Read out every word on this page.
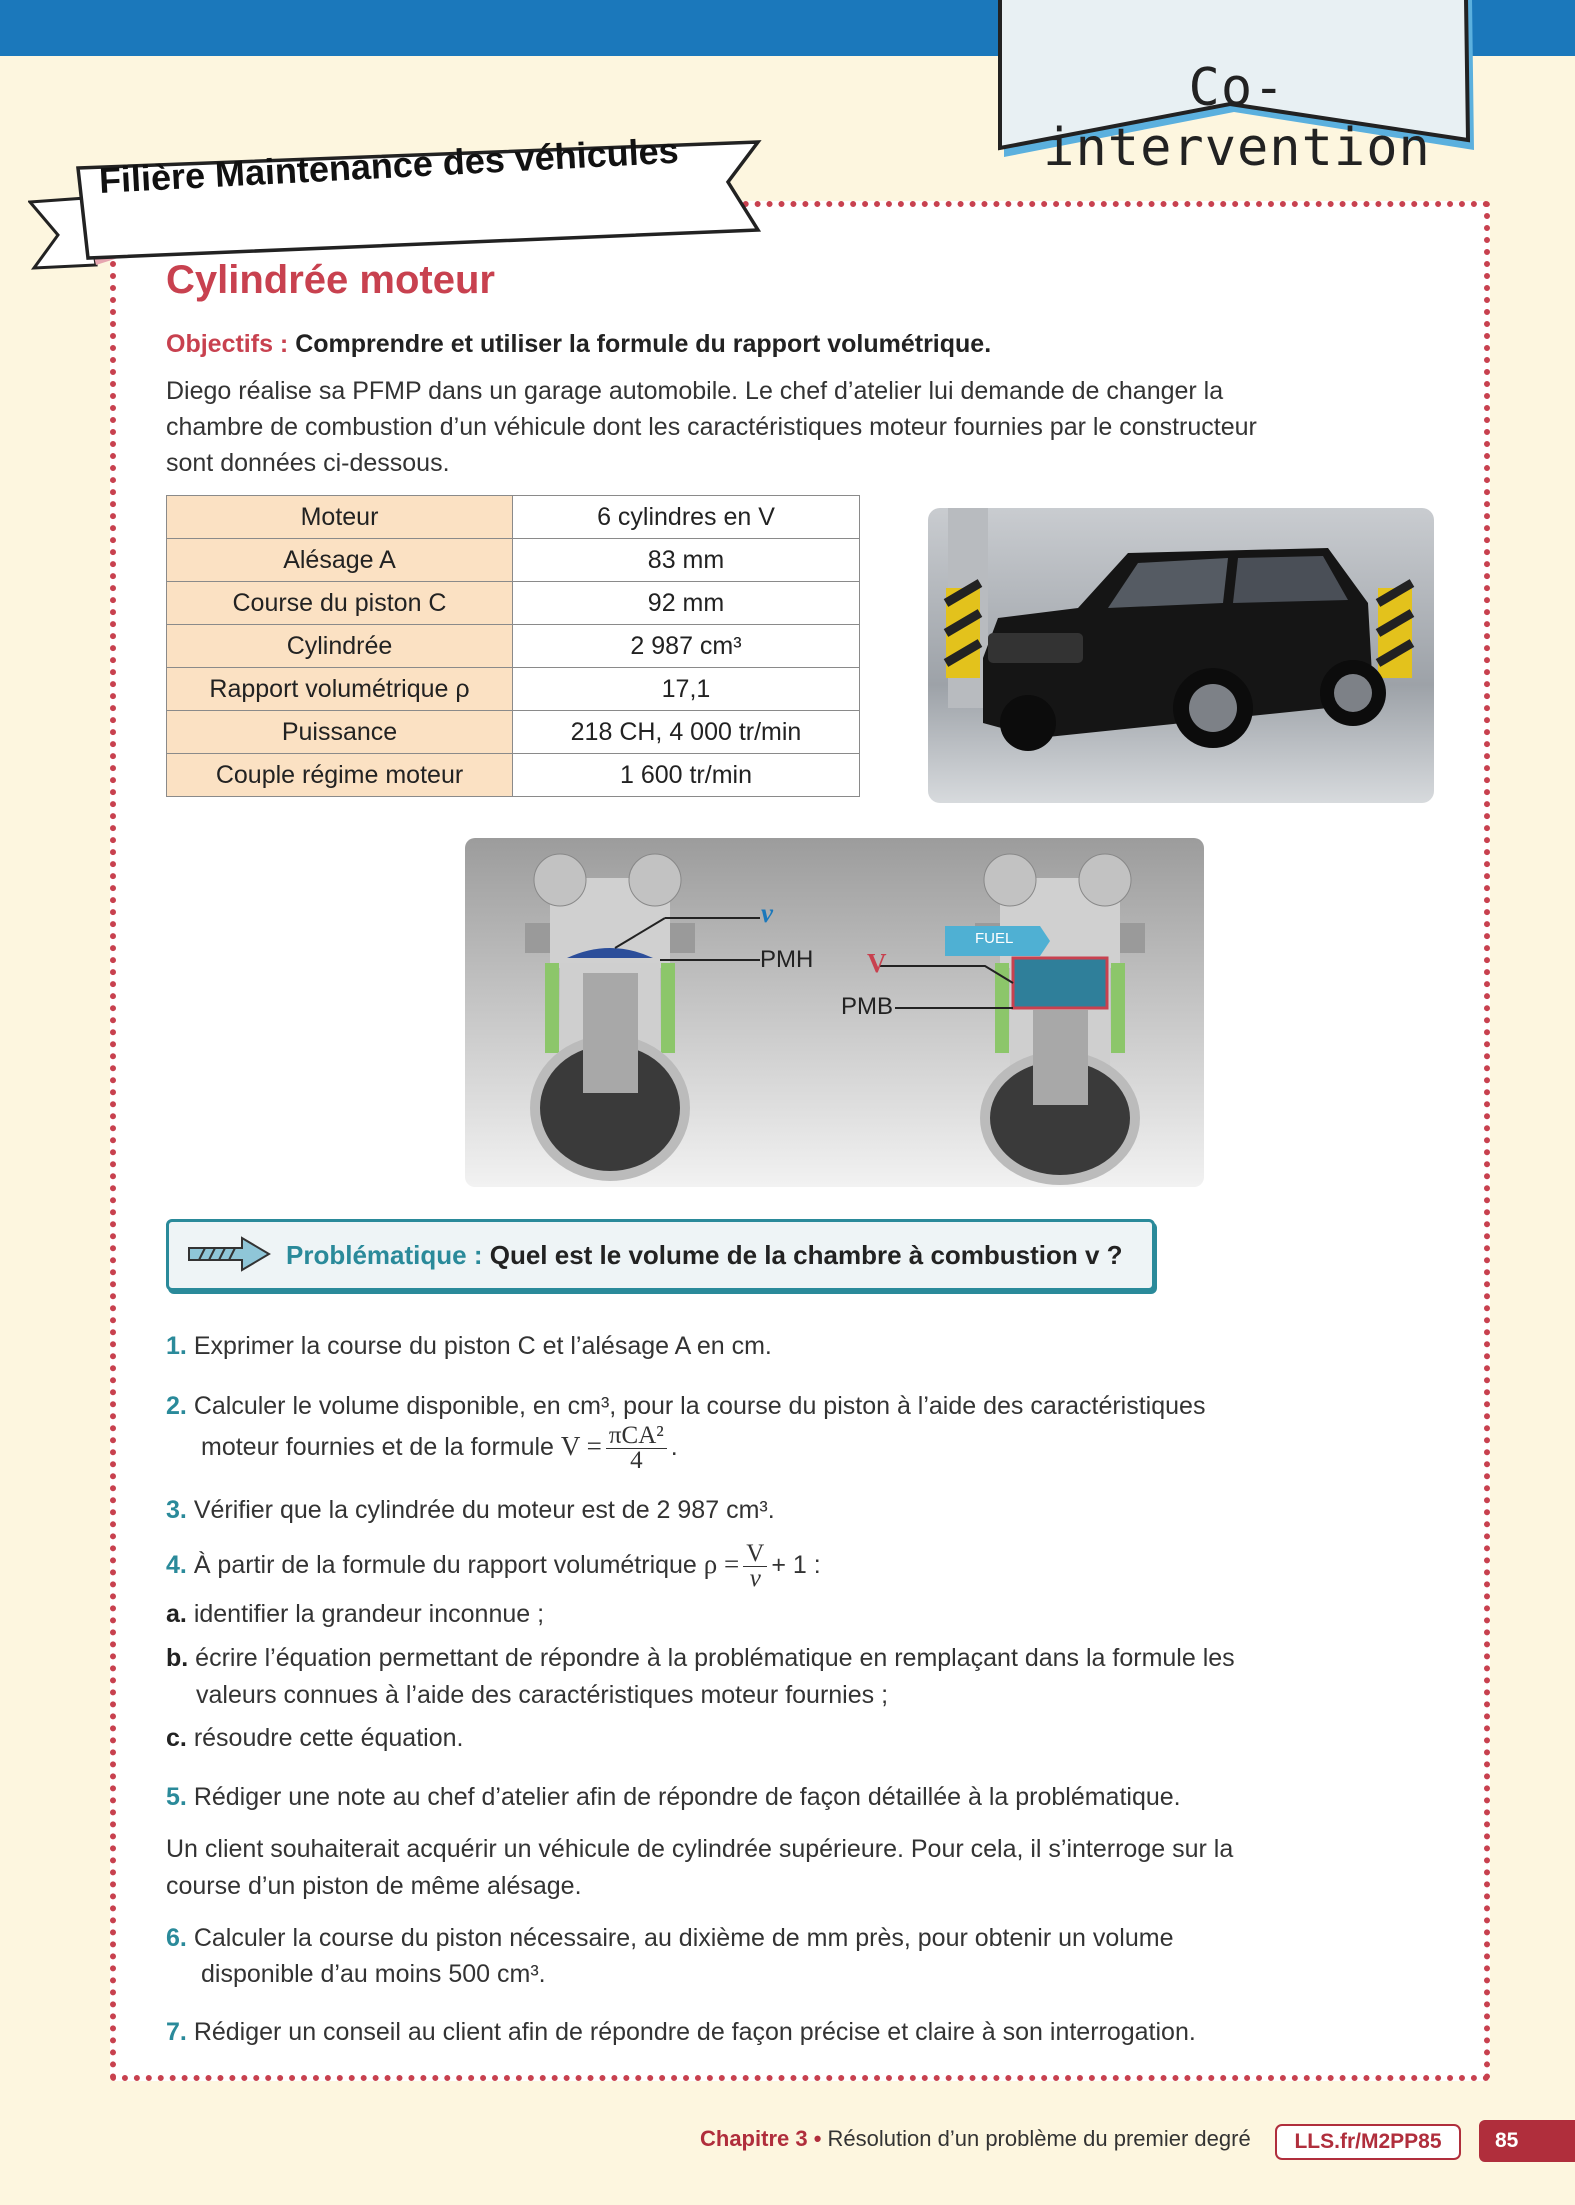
Co-intervention
Filière Maintenance des véhicules
Cylindrée moteur
Objectifs : Comprendre et utiliser la formule du rapport volumétrique.
Diego réalise sa PFMP dans un garage automobile. Le chef d’atelier lui demande de changer la
chambre de combustion d’un véhicule dont les caractéristiques moteur fournies par le constructeur
sont données ci-dessous.
Moteur	6 cylindres en V
Alésage A	83 mm
Course du piston C	92 mm
Cylindrée	2 987 cm³
Rapport volumétrique ρ	17,1
Puissance	218 CH, 4 000 tr/min
Couple régime moteur	1 600 tr/min
v
PMH V
PMB
FUEL
Problématique : Quel est le volume de la chambre à combustion v ?
1. Exprimer la course du piston C et l’alésage A en cm.
2. Calculer le volume disponible, en cm³, pour la course du piston à l’aide des caractéristiques
moteur fournies et de la formule $V = \frac{\text{πCA²}}{4}$ .
3. Vérifier que la cylindrée du moteur est de 2 987 cm³.
4. À partir de la formule du rapport volumétrique $\rho = \frac{V}{v} + 1$ :
a. identifier la grandeur inconnue ;
b. écrire l’équation permettant de répondre à la problématique en remplaçant dans la formule les
valeurs connues à l’aide des caractéristiques moteur fournies ;
c. résoudre cette équation.
5. Rédiger une note au chef d’atelier afin de répondre de façon détaillée à la problématique.
Un client souhaiterait acquérir un véhicule de cylindrée supérieure. Pour cela, il s’interroge sur la
course d’un piston de même alésage.
6. Calculer la course du piston nécessaire, au dixième de mm près, pour obtenir un volume
disponible d’au moins 500 cm³.
7. Rédiger un conseil au client afin de répondre de façon précise et claire à son interrogation.
Chapitre 3 • Résolution d’un problème du premier degré	LLS.fr/M2PP85	85
